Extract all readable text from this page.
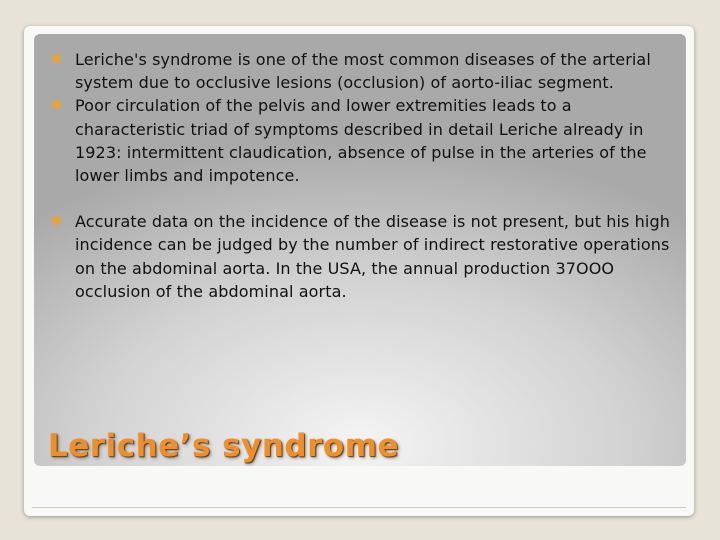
Leriche's syndrome is one of the most common diseases of the arterial system due to occlusive lesions (occlusion) of aorto-iliac segment.
Poor circulation of the pelvis and lower extremities leads to a characteristic triad of symptoms described in detail Leriche already in 1923: intermittent claudication, absence of pulse in the arteries of the lower limbs and impotence.
Accurate data on the incidence of the disease is not present, but his high incidence can be judged by the number of indirect restorative operations on the abdominal aorta. In the USA, the annual production 37OOO occlusion of the abdominal aorta.
Leriche’s syndrome
